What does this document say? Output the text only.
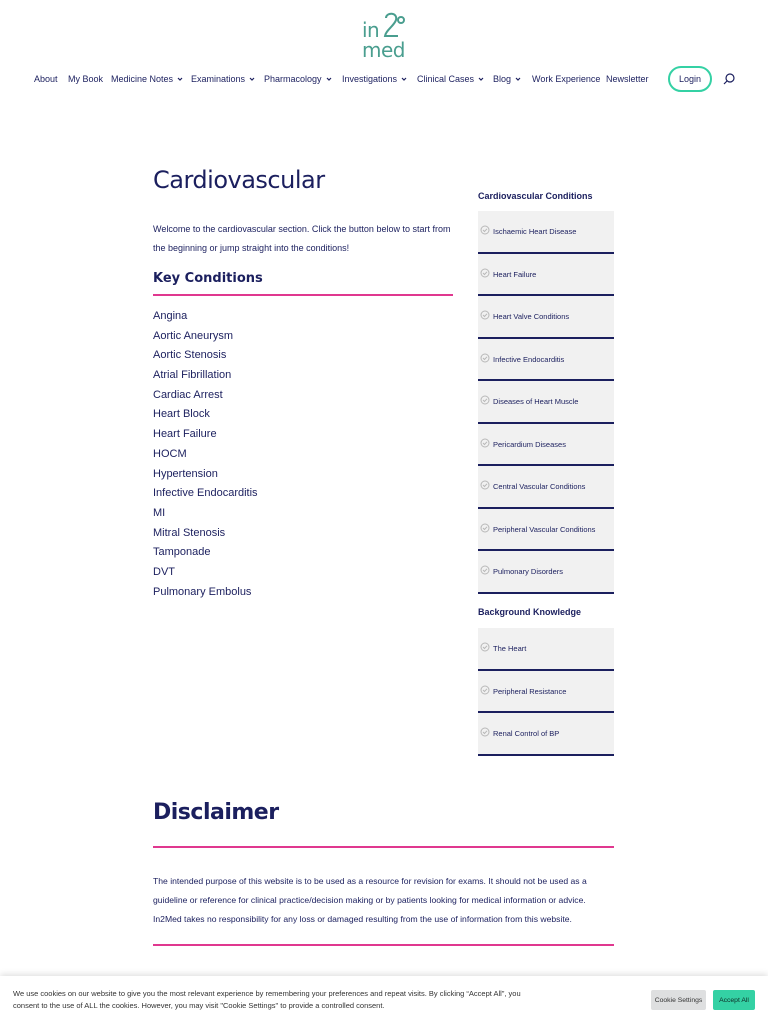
in
med
About My Book Medicine Notes Examinations Pharmacology Investigations Clinical Cases Blog Work Experience Newsletter	Login
Cardiovascular

Welcome to the cardiovascular section. Click the button below to start from the beginning or jump straight into the conditions!

Key Conditions
Angina
Aortic Aneurysm
Aortic Stenosis
Atrial Fibrillation
Cardiac Arrest
Heart Block
Heart Failure
HOCM
Hypertension
Infective Endocarditis
MI
Mitral Stenosis
Tamponade
DVT
Pulmonary Embolus
Cardiovascular Conditions
Ischaemic Heart Disease
Heart Failure
Heart Valve Conditions
Infective Endocarditis
Diseases of Heart Muscle
Pericardium Diseases
Central Vascular Conditions
Peripheral Vascular Conditions
Pulmonary Disorders
Background Knowledge
The Heart
Peripheral Resistance
Renal Control of BP
Disclaimer

The intended purpose of this website is to be used as a resource for revision for exams. It should not be used as a guideline or reference for clinical practice/decision making or by patients looking for medical information or advice. In2Med takes no responsibility for any loss or damaged resulting from the use of information from this website.

We use cookies on our website to give you the most relevant experience by remembering your preferences and repeat visits. By clicking “Accept All”, you consent to the use of ALL the cookies. However, you may visit "Cookie Settings" to provide a controlled consent.

Cookie Settings	Accept All
